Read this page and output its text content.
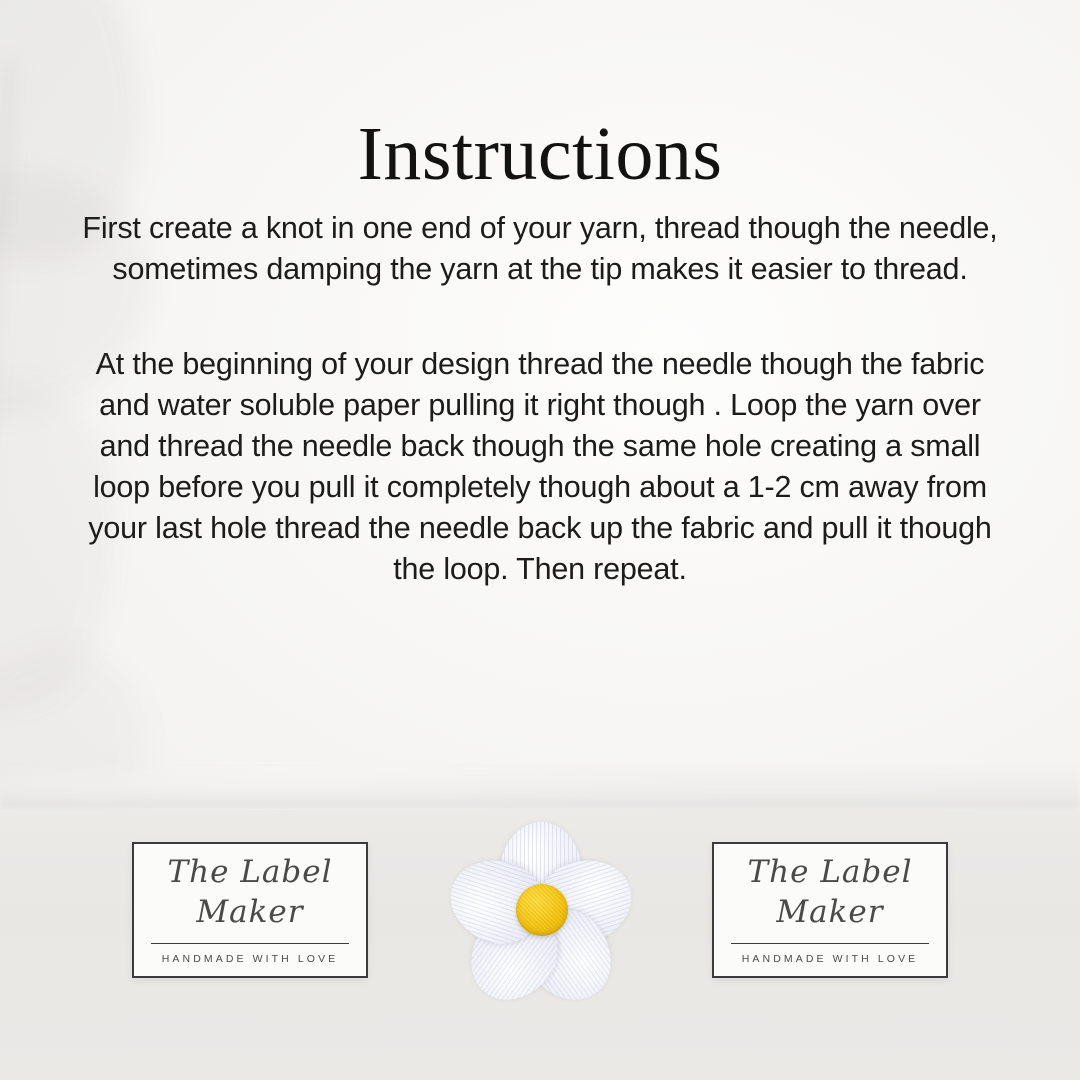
Instructions

First create a knot in one end of your yarn, thread though the needle, sometimes damping the yarn at the tip makes it easier to thread.

At the beginning of your design thread the needle though the fabric and water soluble paper pulling it right though . Loop the yarn over and thread the needle back though the same hole creating a small loop before you pull it completely though about a 1-2 cm away from your last hole thread the needle back up the fabric and pull it though the loop. Then repeat.

The Label
Maker
HANDMADE WITH LOVE
The Label
Maker
HANDMADE WITH LOVE
